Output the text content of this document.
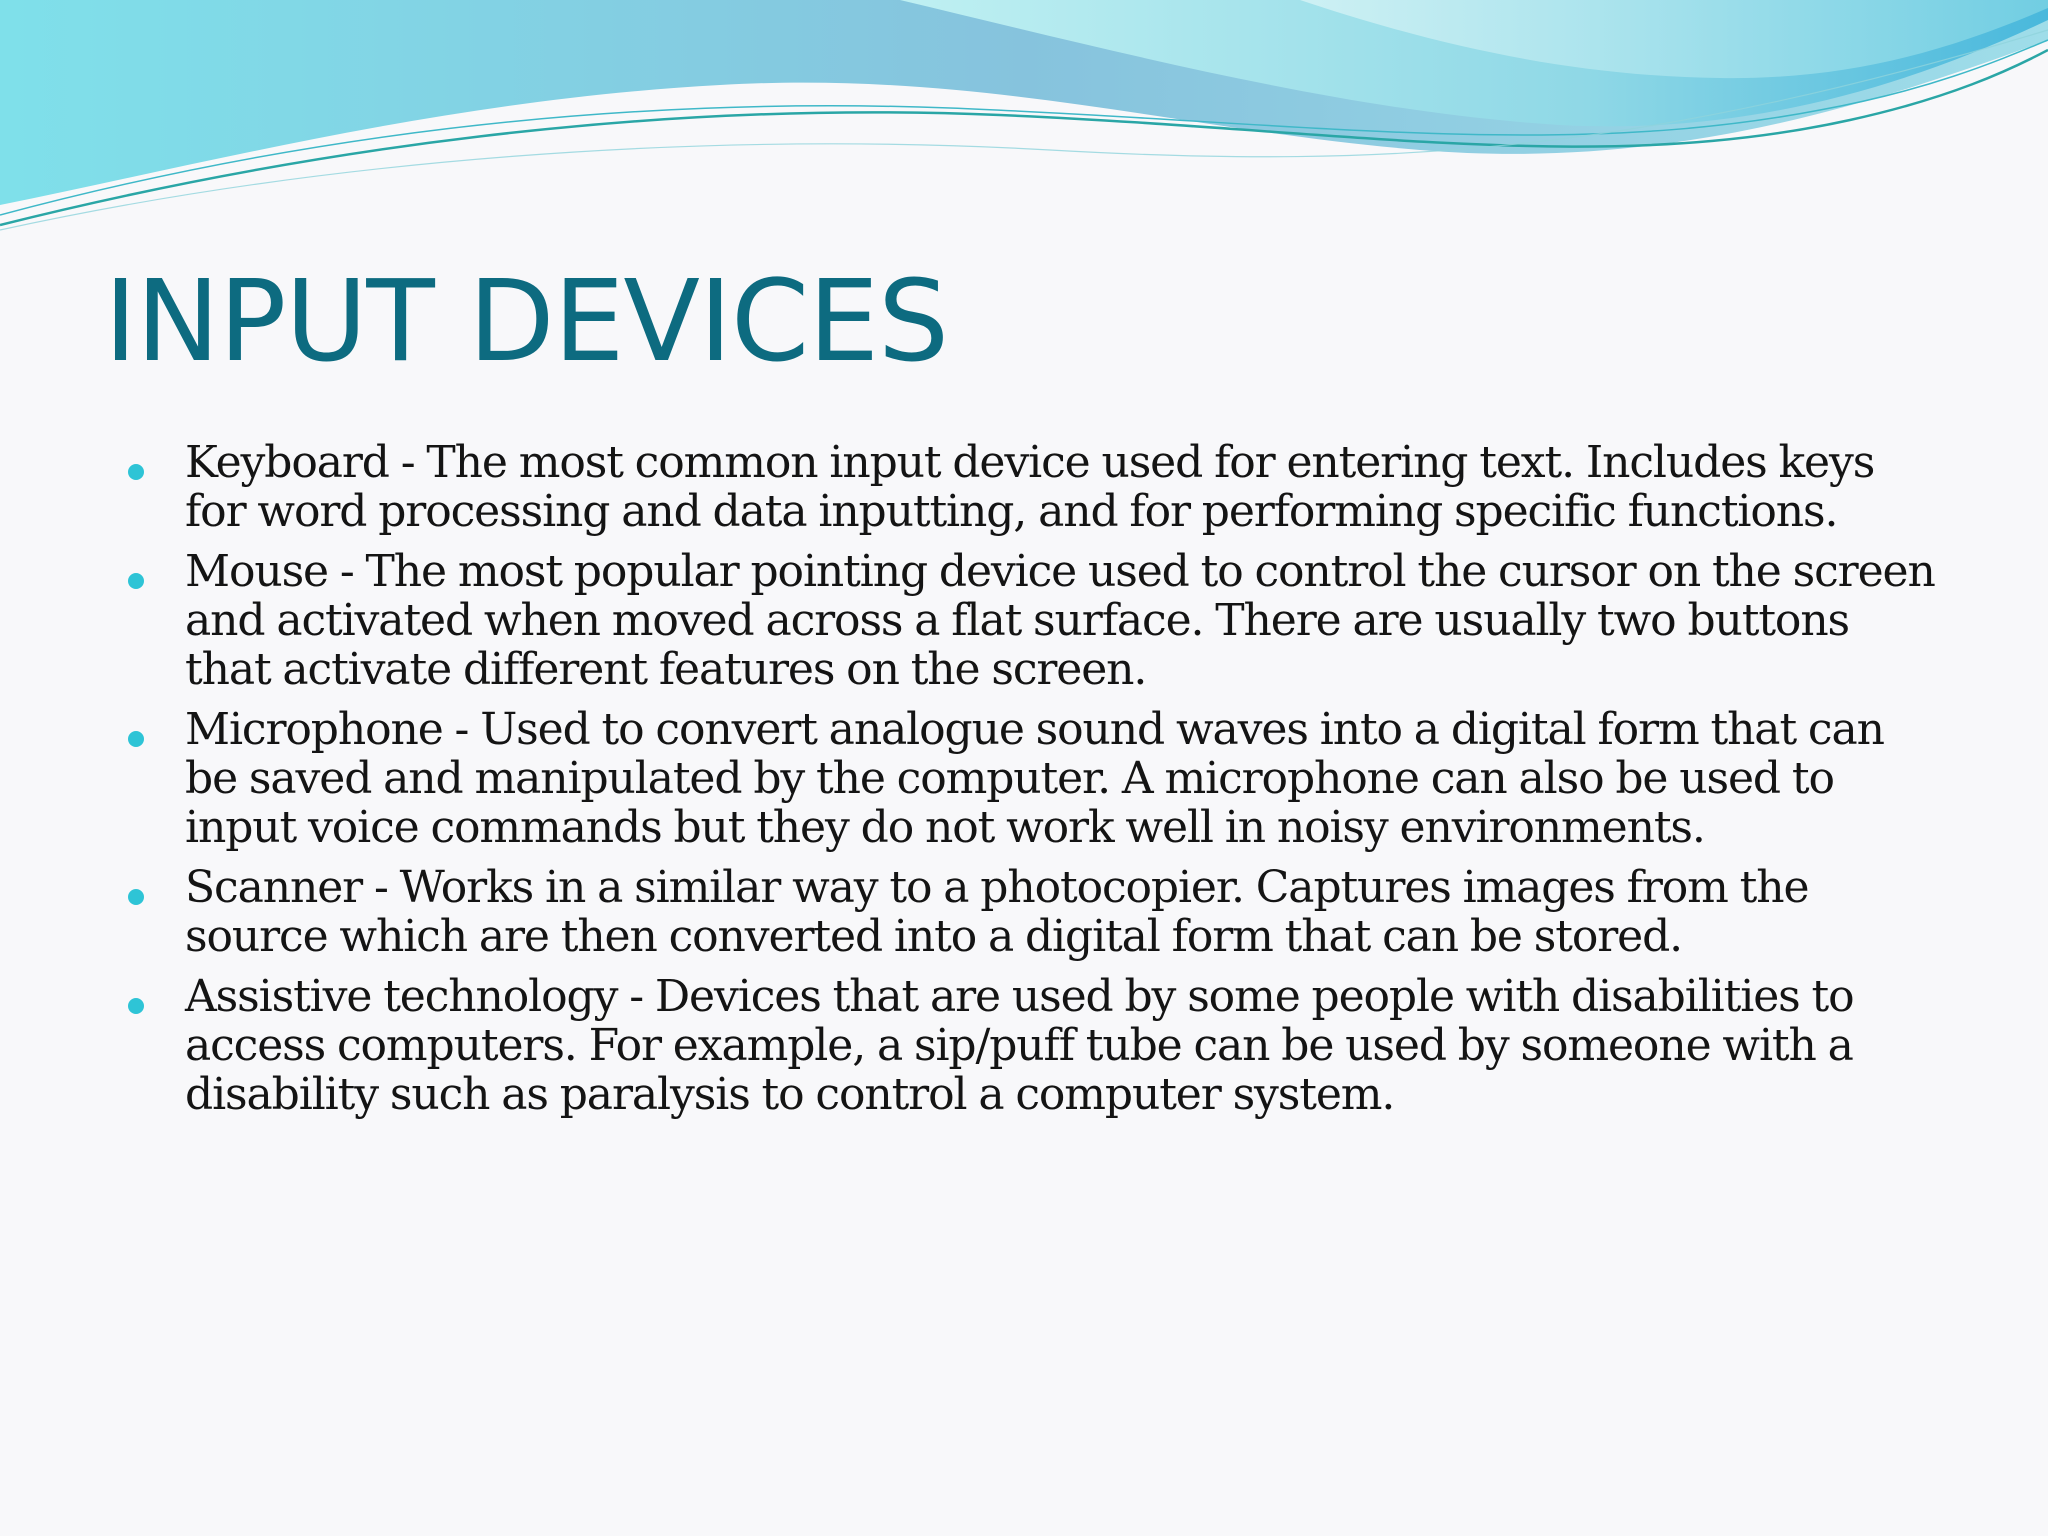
INPUT DEVICES
Keyboard - The most common input device used for entering text. Includes keys for word processing and data inputting, and for performing specific functions.
Mouse - The most popular pointing device used to control the cursor on the screen and activated when moved across a flat surface. There are usually two buttons that activate different features on the screen.
Microphone - Used to convert analogue sound waves into a digital form that can be saved and manipulated by the computer. A microphone can also be used to input voice commands but they do not work well in noisy environments.
Scanner - Works in a similar way to a photocopier. Captures images from the source which are then converted into a digital form that can be stored.
Assistive technology - Devices that are used by some people with disabilities to access computers. For example, a sip/puff tube can be used by someone with a disability such as paralysis to control a computer system.
